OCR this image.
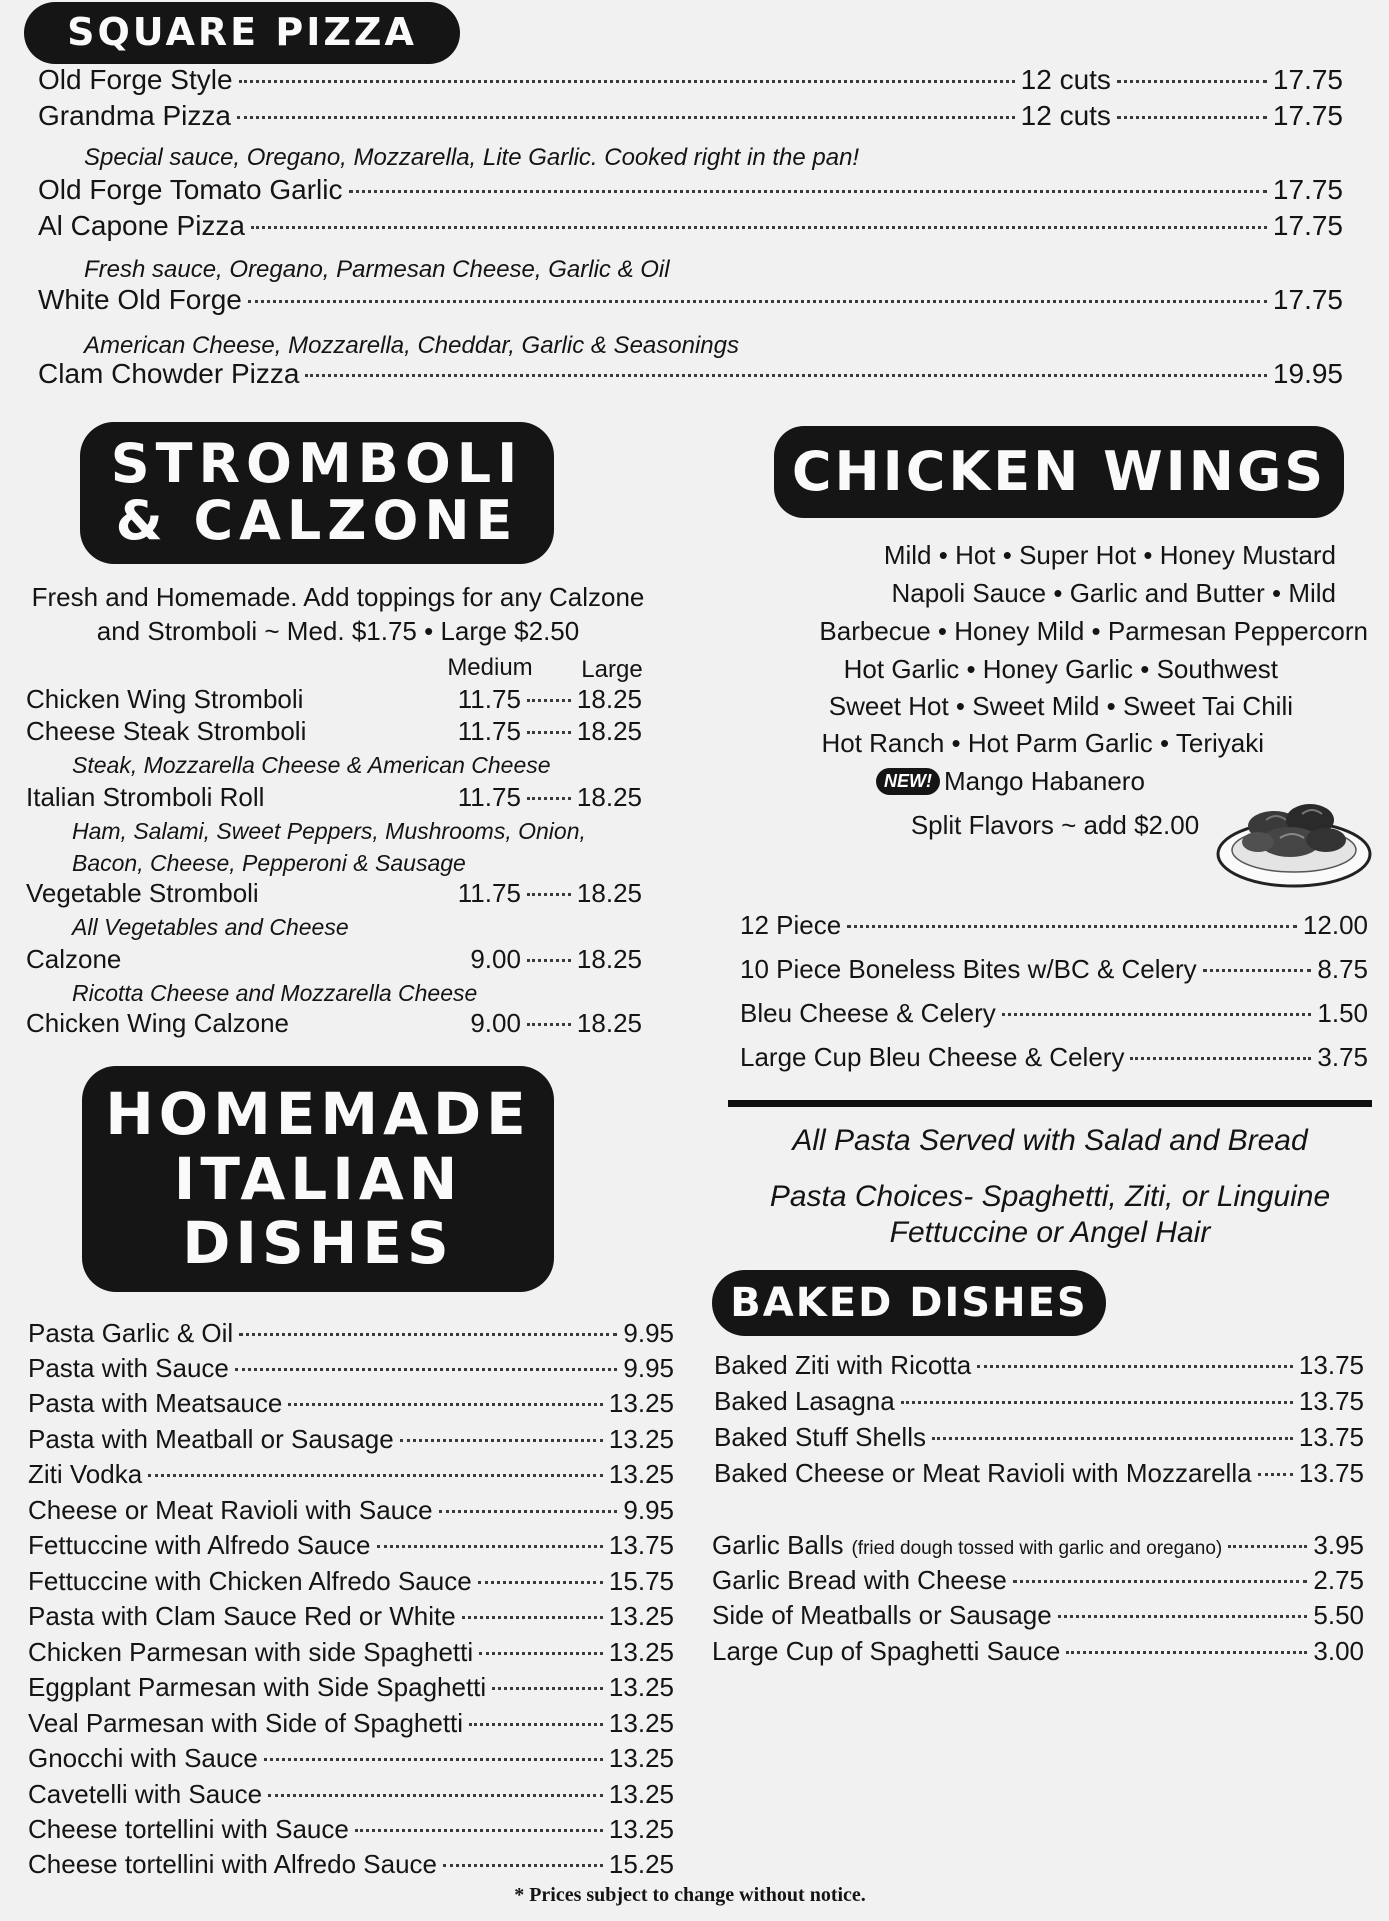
SQUARE PIZZA
Old Forge Style	12 cuts	17.75
Grandma Pizza	12 cuts	17.75
Special sauce, Oregano, Mozzarella, Lite Garlic. Cooked right in the pan!
Old Forge Tomato Garlic	17.75
Al Capone Pizza	17.75
Fresh sauce, Oregano, Parmesan Cheese, Garlic & Oil
White Old Forge	17.75
American Cheese, Mozzarella, Cheddar, Garlic & Seasonings
Clam Chowder Pizza	19.95
STROMBOLI
& CALZONE
Fresh and Homemade. Add toppings for any Calzone
and Stromboli ~ Med. $1.75 • Large $2.50
Medium	Large
Chicken Wing Stromboli	11.75 18.25
Cheese Steak Stromboli	11.75 18.25
Steak, Mozzarella Cheese & American Cheese
Italian Stromboli Roll	11.75 18.25
Ham, Salami, Sweet Peppers, Mushrooms, Onion,
Bacon, Cheese, Pepperoni & Sausage
Vegetable Stromboli	11.75 18.25
All Vegetables and Cheese
Calzone	9.00 18.25
Ricotta Cheese and Mozzarella Cheese
Chicken Wing Calzone	9.00 18.25
CHICKEN WINGS
Mild • Hot • Super Hot • Honey Mustard
Napoli Sauce • Garlic and Butter • Mild
Barbecue • Honey Mild • Parmesan Peppercorn
Hot Garlic • Honey Garlic • Southwest
Sweet Hot • Sweet Mild • Sweet Tai Chili
Hot Ranch • Hot Parm Garlic • Teriyaki
NEW! Mango Habanero
Split Flavors ~ add $2.00
12 Piece	12.00
10 Piece Boneless Bites w/BC & Celery	8.75
Bleu Cheese & Celery	1.50
Large Cup Bleu Cheese & Celery	3.75
All Pasta Served with Salad and Bread
Pasta Choices- Spaghetti, Ziti, or Linguine
Fettuccine or Angel Hair
HOMEMADE
ITALIAN
DISHES
Pasta Garlic & Oil	9.95
Pasta with Sauce	9.95
Pasta with Meatsauce	13.25
Pasta with Meatball or Sausage	13.25
Ziti Vodka	13.25
Cheese or Meat Ravioli with Sauce	9.95
Fettuccine with Alfredo Sauce	13.75
Fettuccine with Chicken Alfredo Sauce	15.75
Pasta with Clam Sauce Red or White	13.25
Chicken Parmesan with side Spaghetti	13.25
Eggplant Parmesan with Side Spaghetti	13.25
Veal Parmesan with Side of Spaghetti	13.25
Gnocchi with Sauce	13.25
Cavetelli with Sauce	13.25
Cheese tortellini with Sauce	13.25
Cheese tortellini with Alfredo Sauce	15.25
BAKED DISHES
Baked Ziti with Ricotta	13.75
Baked Lasagna	13.75
Baked Stuff Shells	13.75
Baked Cheese or Meat Ravioli with Mozzarella 13.75
Garlic Balls (fried dough tossed with garlic and oregano)	3.95
Garlic Bread with Cheese	2.75
Side of Meatballs or Sausage	5.50
Large Cup of Spaghetti Sauce	3.00
* Prices subject to change without notice.
